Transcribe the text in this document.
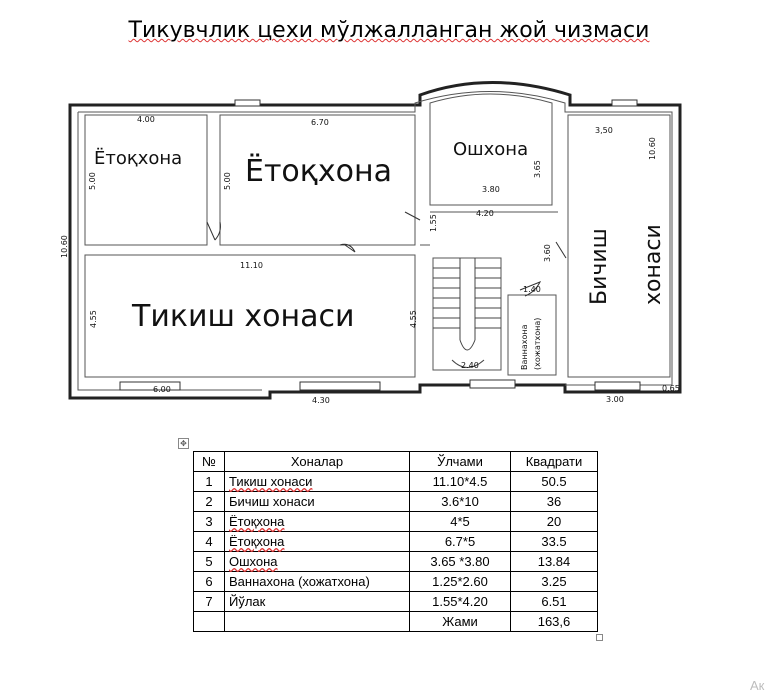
Тикувчлик цехи мўлжалланган жой чизмаси
Ётоқхона Ётоқхона
Ошхона
Тикиш хонаси
Бичиш хонаси
Ваннахона (хожатхона)
4.00	6.70
3,50
10.60
10.60
5.00	5.00	3.80
4.20
3.65
1.55
3.60
11.10
1.40
4.55	4.55
2.40
6.00
4.30	3.00
0.65
✥
№	Хоналар	Ўлчами	Квадрати
1	Тикиш хонаси	11.10*4.5	50.5
2	Бичиш хонаси	3.6*10	36
3	Ётоқхона	4*5	20
4	Ётоқхона	6.7*5	33.5
5	Ошхона	3.65 *3.80	13.84
6	Ваннахона (хожатхона)	1.25*2.60	3.25
7	Йўлак	1.55*4.20	6.51
		Жами	163,6
Ак
